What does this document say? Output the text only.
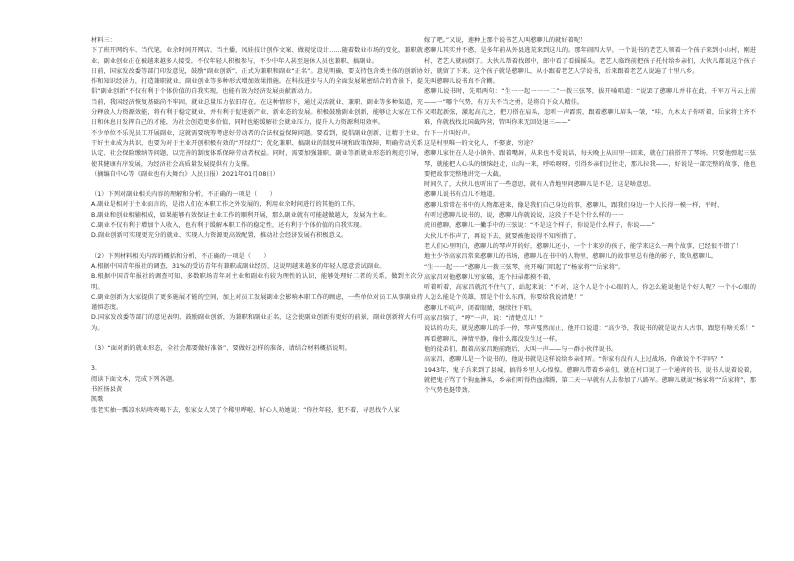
材料三：

下了班开网约车、当代笔，业余时间开网店、当主播，凤娃技计创作文案、做视觉设计……随着数业市场的变化，兼职就业、副业创业正在被越来越多人接受。不仅年轻人积极参与，不少中年人甚至退休人员也兼职、搞副业。

日前，国家发改委等部门印发意见，鼓励“副业创新”，正式为兼职和副业“正名”。意见明确，要支持包含类主体的创新协作和知识经济力，打造兼职就业、副业创业等多种形式增加效果措施。在科技进步与人的全面发展紧密结合的背景下，提倡“副业创新”不仅有利于个体价值的自我实现，也能有效为经济发展贡献新动力。

当前，我国经济恢复基础尚不牢固，就业总量压力依旧存在。在这种情形下，通过灵活就业、兼职、副业等多种渠道，充分释放人力资源效能，将有利于稳定就业，并有利于促进新产业、新业态的发展。积极鼓励副业创新，能够让大家在工作日和休息日发挥自己的才能，为社会创造更多价值，同时也能缓解社会就业压力，提升人力资源利用效率。

不少单位不乐见员工开展副业，这就需要统筹考虑好劳动者的合法权益保障问题。要看到，提倡副业创新，让精于主业、干好主业成为共识，也要为对于主业开创积极有效的“开绿灯”；优化兼职、搞副业的制度环境和政策保障，明确劳动关系认定、社会保险缴纳等问题，以完善的制度体系保障劳动者权益。同时，需要加强兼职、副业等新就业形态的规范引导，使其健康有序发展，为经济社会高质量发展提供有力支撑。

（摘编自中心等《副业也有大舞台》人民日报）2021年01月08日）

（1）下列对副业相关内容的理解和分析，不正确的一项是（　　）

A.副业是相对于主业而言的，是指人们在本职工作之外发展的，利用业余时间进行的其他的工作。

B.副业和创业相辅相成，如果能够有效保证主业工作的顺利开展，那么副业就有可能越做越大，发展为主业。

C.副业不仅有利于增加个人收入，也有利于缓解本职工作的稳定性，还有利于个体价值的自我实现。

D.副业创新可实现更充分的就业、实现人力资源更高效配置，推动社会经济发展有积极意义。

（2）下列材料相关内容的概括和分析，不正确的一项是（　　）

A.根据中国青年报社的调查，31%的受访青年有兼职或副业经历，这说明越来越多的年轻人愿意尝试副业。

B.根据中国青年报社的调查可知，多数职场青年对主业和副业有较为理性的认识，能够处理好二者的关系，做到主次分明。

C.副业创新为大家提供了更多施展才能的空间，加上对员工发展副业会影响本职工作的顾虑，一些单位对员工从事副业持谨慎态度。

D.国家发改委等部门的意见表明，鼓励副业创新，为兼职和副业正名，这会使副业创新有更好的前景，副业创新将大有可为。

（3）“面对新的就业形态，全社会都要做好准备”，要做好怎样的准备，请结合材料概括说明。

3.

阅读下面文本，完成下列各题。

书匠扬县黄

凯歌

张老实抽一瓢凉水咕咚咚喝下去，张家女人哭了个稀里哗啦，好心人劝她说：“你往年轻，犯不着，寻思找个人家

嫁了吧。”又说，莲种上那个说书艺人叫憨聊儿的就好着呢！

憨聊儿其实并不憨，是多年前从外县逃荒来到这儿的。那年闹四大旱，一个说书的老艺人领着一个孩子来到小山村，刚进村，老艺人就病倒了。大伙儿帮着找郎中，郎中看了看摇摇头。老艺人临终前把孩子托付给乡亲们，大伙儿都说这个孩子好，就留了下来。这个孩子就是憨聊儿，从小跟着老艺人学说书，后来跟着老艺人说遍了十里八乡。

先叫憨聊儿说书真不含糊。

憨聊儿说书时，先唱两句：“生一一起一一一二”一拨三弦琴，拔开嗓唱道：“说罢了憨聊儿并非在此，千军万马云上前——一”哪个气势，有万夫不当之勇，是将自下众人精佳。

又唱起新弦，激起高亢之，把刀搭在肩头，忽听一声霹雳，跟着憨聊儿眉头一皱，“哇，九木太子你听着，岳家将士齐不难，你就找找北国截阵营，管叫你来无回处退三——”

台下一片叫好声。

这是村里唯一的文化人，不娶妻，穷途？

憨聊儿家住在人是小镇外，跟着嘴唇，从来也不爱说话，每天晚上从田里一回来，就在门前搭开了琴场。只要他弹起三弦琴，就能把人心头的烦恼赶走，山沟一来，呼哈呀呀，引得乡亲们过往走，那儿拉我——，好说是一部完整的故事，他也要把故事完整地讲完一大截。

时间久了，大伙儿也听出了一些意思，就有人背地里问憨聊儿是不是，这是啥意思。

憨聊儿说书有点儿不地道。

憨聊儿常常在书中的人物都进来，像是我们自己身边的事，憨聊儿，跟我们身边一个人长得一模一样，平时，

有听过憨聊儿说书的，说，憨聊儿你就说说，这段子不是个什么样的一一

虎田憨聊，憨聊儿一撇手中的三弦说：“不是这个样子，你说是什么样子，你说——”

大伙儿不作声了，再说下去，就要被他说得不知所措了。

老人们心里明白，憨聊儿的琴声开的好，憨聊儿还小，一个十来岁的孩子，能学来这么一两个故事，已经很不错了！

地主少爷高家昌常来憨聊儿的书场，憨聊儿在书中的人物里，憨聊儿的故事里总有他的影子，欺负憨聊儿。

“生一一起一一”憨聊儿一拨三弦琴，亮开嗓门唱起了“杨家将”“岳家将”。

高家昌对他憨聊儿穷家破，连个扫帚都摸不着，

听着听着，高家昌就沉不住气了，站起来说：“不对，这个人是个小心眼的人，你怎么能说他是个好人呢？一个小心眼的人怎么能是个英雄，那是个什么东西，你要给我说清楚！”

憨聊儿不吭声，闭着眼睛，继续往下唱。

高家昌恼了，“哼”一声，说：“清楚点儿！”

说话的功夫，就见憨聊儿的手一停，琴声戛然而止，他开口说道：“高少爷，我说书的就是说古人古事，跟您有啥关系！”

再看憨聊儿，神情平静，像什么都没发生过一样。

他的徒弟们，跟着高家昌跑前跑后，大叫一声——与一群小伙伴说书。

高家昌，憨聊儿是一个说书的，他说书就是这样说给乡亲们听。“你家有没有人上过战场，你敢说个不字吗？”

1943年，鬼子兵来到了县城，搞得乡里人心惶惶。憨聊儿带着乡亲们，就在村口说了一个通宵的书，说书人说着说着，就把鬼子骂了个狗血淋头，乡亲们听得热血沸腾，第二天一早就有人去参加了八路军。憨聊儿就说“杨家将”“岳家将”，那个气势也挺带劲。
